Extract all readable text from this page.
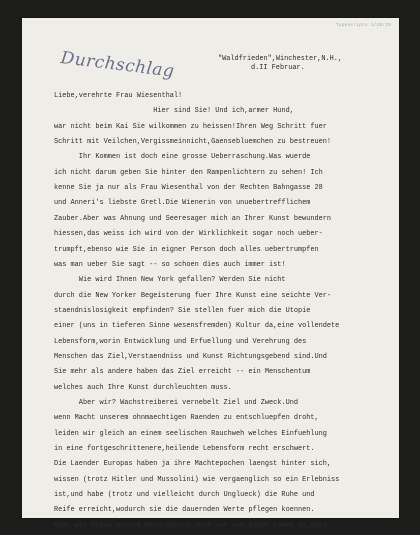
Typescripts 1/26/29
Durchschlag	"Waldfrieden",Winchester,N.H.,
d.II Februar.
Liebe,verehrte Frau Wiesenthal!
Hier sind Sie! Und ich,armer Hund,
war nicht beim Kai Sie wilkommen zu heissen!Ihren Weg Schritt fuer
Schritt mit Veilchen,Vergissmeinnicht,Gaensebluemchen zu bestreuen!
Ihr Kommen ist doch eine grosse Ueberraschung.Was wuerde
ich nicht darum geben Sie hinter den Rampenlichtern zu sehen! Ich
kenne Sie ja nur als Frau Wiesenthal von der Rechten Bahngasse 28
und Anneri's liebste Gretl.Die Wienerin von unuebertrefflichem
Zauber.Aber was Ahnung und Seeresager mich an Ihrer Kunst bewundern
hiessen,das weiss ich wird von der Wirklichkeit sogar noch ueber-
trumpft,ebenso wie Sie in eigner Person doch alles uebertrumpfen
was man ueber Sie sagt -- so schoen dies auch immer ist!
Wie wird Ihnen New York gefallen? Werden Sie nicht
durch die New Yorker Begeisterung fuer Ihre Kunst eine seichte Ver-
staendnislosigkeit empfinden? Sie stellen fuer mich die Utopie
einer (uns in tieferen Sinne wesensfremden) Kultur da,eine vollendete
Lebensform,worin Entwicklung und Erfuellung und Verehrung des
Menschen das Ziel,Verstaendniss und Kunst Richtungsgebend sind.Und
Sie mehr als andere haben das Ziel erreicht -- ein Menschentum
welches auch Ihre Kunst durchleuchten muss.
Aber wir? Wachstreiberei vernebelt Ziel und Zweck.Und
wenn Macht unserem ohnmaechtigen Raenden zu entschluepfen droht,
leiden wir gleich an einem seelischen Rauchweh welches Einfuehlung
in eine fortgeschrittenere,heilende Lebensform recht erschwert.
Die Laender Europas haben ja ihre Machtepochen laengst hinter sich,
wissen (trotz Hitler und Mussolini) wie vergaenglich so ein Erlebniss
ist,und habe (trotz und vielleicht durch Unglueck) die Ruhe und
Reife erreicht,wodurch sie die dauernden Werte pflegen koennen.
Aber wir haben unsere Machtepoche noch vor uns.Daher kommt es,dass
